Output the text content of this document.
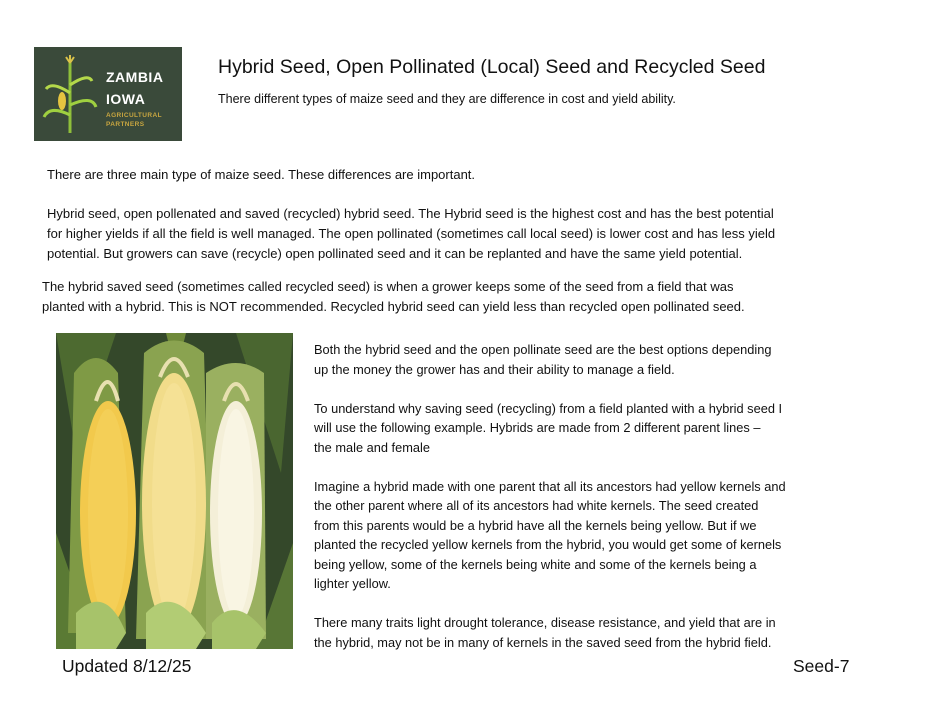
ZAMBIA
IOWA
AGRICULTURAL
PARTNERS
Hybrid Seed, Open Pollinated (Local) Seed and Recycled Seed
There different types of maize seed and they are difference in cost and yield ability.
There are three main type of maize seed. These differences are important.
Hybrid seed, open pollenated and saved (recycled) hybrid seed. The Hybrid seed is the highest cost and has the best potential
for higher yields if all the field is well managed. The open pollinated (sometimes call local seed) is lower cost and has less yield
potential. But growers can save (recycle) open pollinated seed and it can be replanted and have the same yield potential.
The hybrid saved seed (sometimes called recycled seed) is when a grower keeps some of the seed from a field that was
planted with a hybrid. This is NOT recommended. Recycled hybrid seed can yield less than recycled open pollinated seed.

Both the hybrid seed and the open pollinate seed are the best options depending
up the money the grower has and their ability to manage a field.

To understand why saving seed (recycling) from a field planted with a hybrid seed I
will use the following example. Hybrids are made from 2 different parent lines –
the male and female

Imagine a hybrid made with one parent that all its ancestors had yellow kernels and
the other parent where all of its ancestors had white kernels. The seed created
from this parents would be a hybrid have all the kernels being yellow. But if we
planted the recycled yellow kernels from the hybrid, you would get some of kernels
being yellow, some of the kernels being white and some of the kernels being a
lighter yellow.

There many traits light drought tolerance, disease resistance, and yield that are in
the hybrid, may not be in many of kernels in the saved seed from the hybrid field.

Updated 8/12/25	Seed-7
